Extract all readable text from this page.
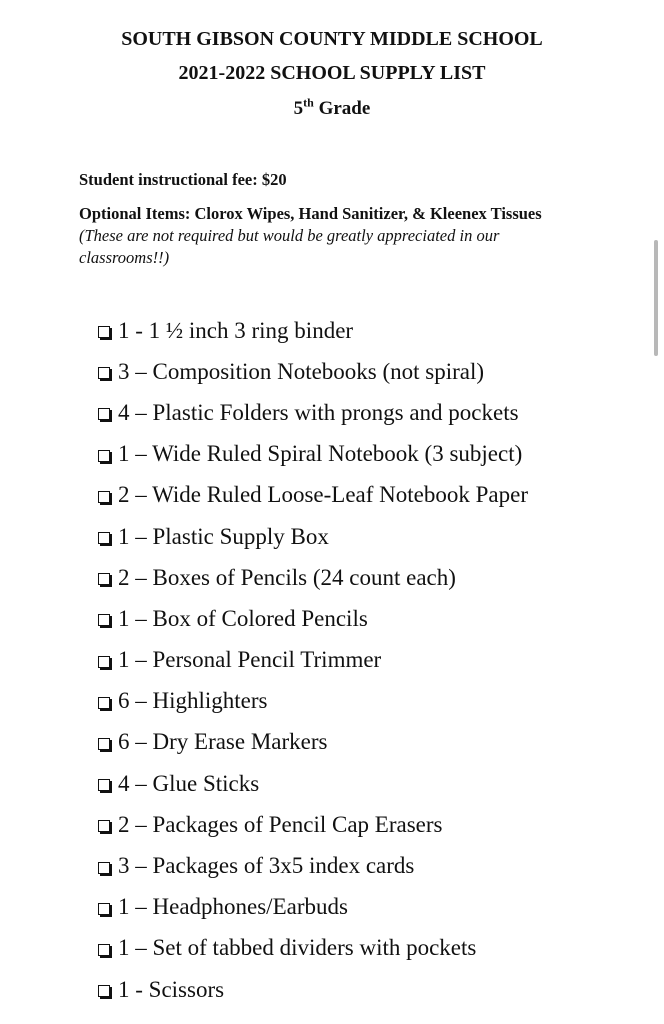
SOUTH GIBSON COUNTY MIDDLE SCHOOL
2021-2022 SCHOOL SUPPLY LIST
5th Grade
Student instructional fee: $20
Optional Items: Clorox Wipes, Hand Sanitizer, & Kleenex Tissues (These are not required but would be greatly appreciated in our classrooms!!)
1 - 1 ½ inch 3 ring binder
3 – Composition Notebooks (not spiral)
4 – Plastic Folders with prongs and pockets
1 – Wide Ruled Spiral Notebook (3 subject)
2 – Wide Ruled Loose-Leaf Notebook Paper
1 – Plastic Supply Box
2 – Boxes of Pencils (24 count each)
1 – Box of Colored Pencils
1 – Personal Pencil Trimmer
6 – Highlighters
6 – Dry Erase Markers
4 – Glue Sticks
2 – Packages of Pencil Cap Erasers
3 – Packages of 3x5 index cards
1 – Headphones/Earbuds
1 – Set of tabbed dividers with pockets
1 - Scissors
